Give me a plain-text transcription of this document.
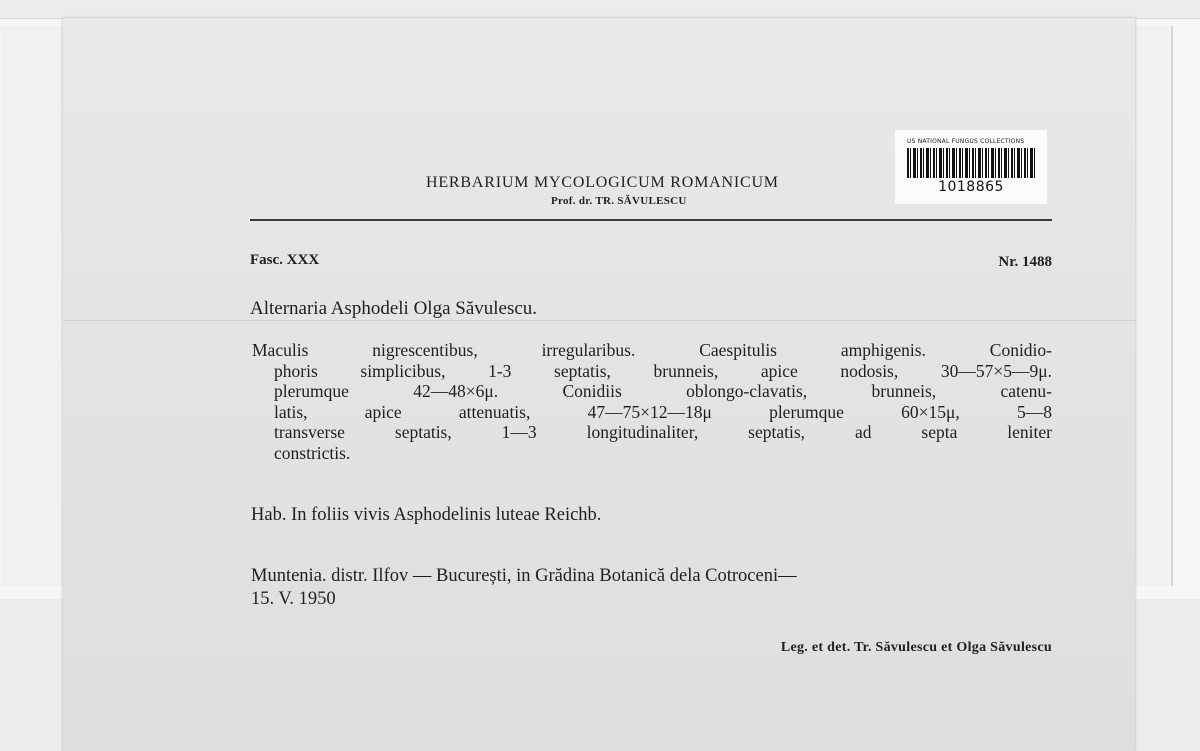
US NATIONAL FUNGUS COLLECTIONS
1018865
HERBARIUM MYCOLOGICUM ROMANICUM
Prof. dr. TR. SĂVULESCU
Fasc. XXX	Nr. 1488
Alternaria Asphodeli Olga Săvulescu.
Maculis nigrescentibus, irregularibus. Caespitulis amphigenis. Conidio-
phoris simplicibus, 1-3 septatis, brunneis, apice nodosis, 30—57×5—9μ.
plerumque 42—48×6μ. Conidiis oblongo-clavatis, brunneis, catenu-
latis, apice attenuatis, 47—75×12—18μ plerumque 60×15μ, 5—8
transverse septatis, 1—3 longitudinaliter, septatis, ad septa leniter
constrictis.
Hab. In foliis vivis Asphodelinis luteae Reichb.
Muntenia. distr. Ilfov — București, in Grădina Botanică dela Cotroceni—
15. V. 1950
Leg. et det. Tr. Săvulescu et Olga Săvulescu
